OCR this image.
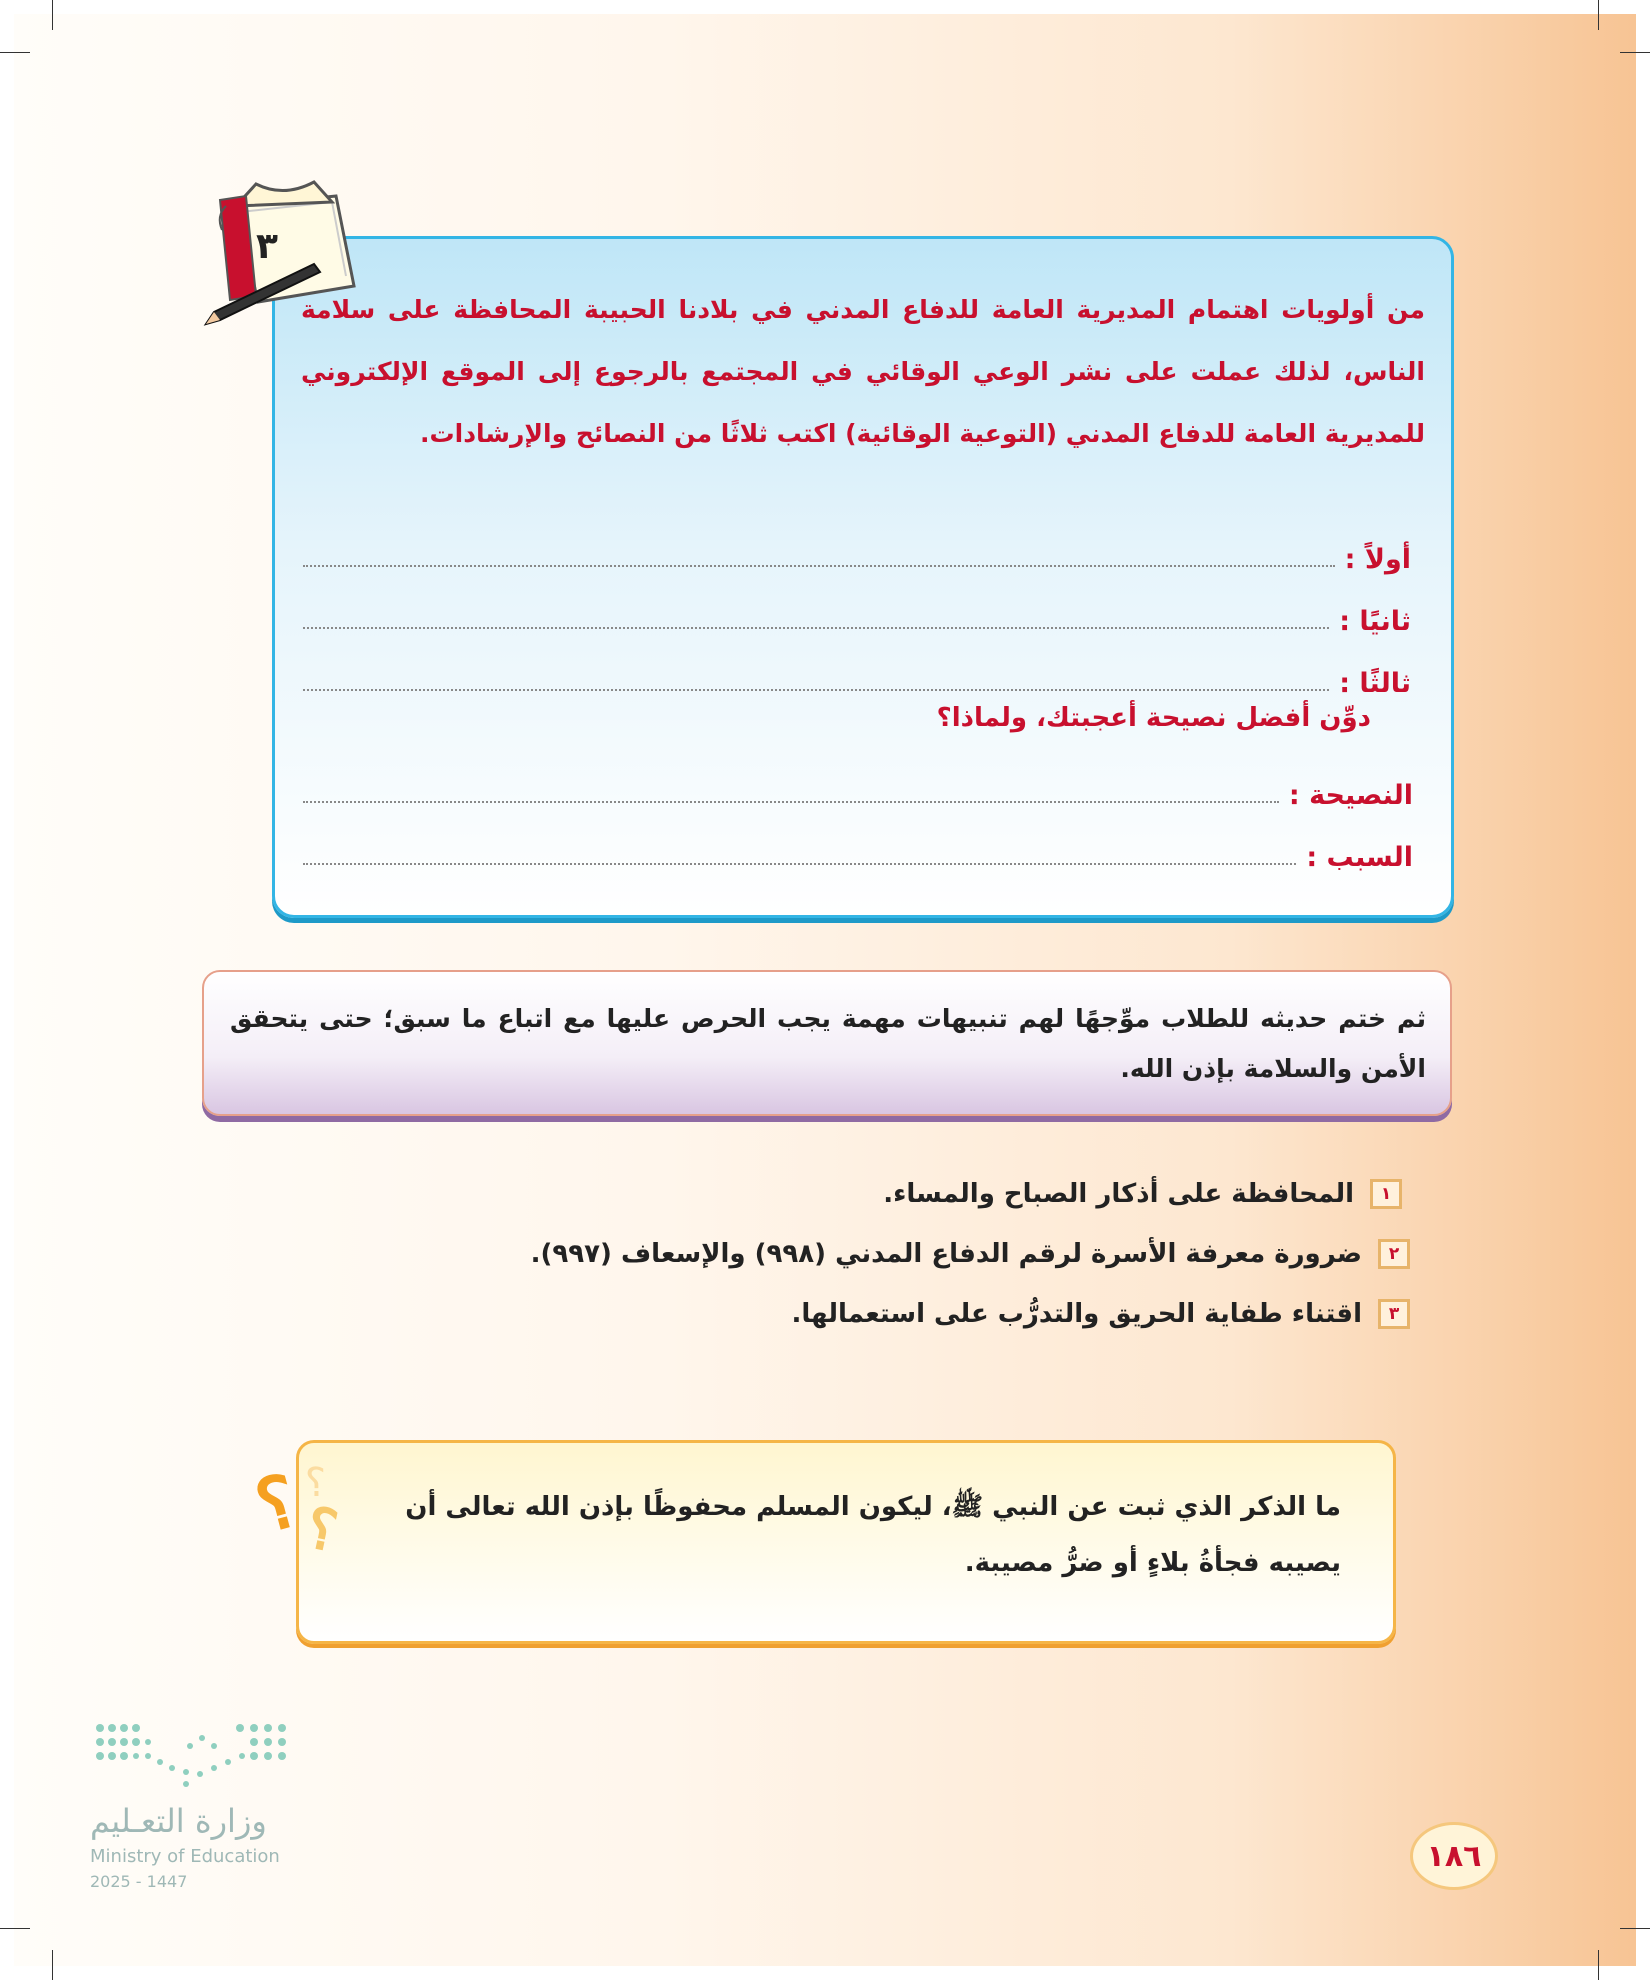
من أولويات اهتمام المديرية العامة للدفاع المدني في بلادنا الحبيبة المحافظة على سلامة الناس، لذلك عملت على نشر الوعي الوقائي في المجتمع بالرجوع إلى الموقع الإلكتروني للمديرية العامة للدفاع المدني (التوعية الوقائية) اكتب ثلاثًا من النصائح والإرشادات.

أولاً :
ثانيًا :
ثالثًا :

دوِّن أفضل نصيحة أعجبتك، ولماذا؟

النصيحة :
السبب :
٣

ثم ختم حديثه للطلاب موِّجهًا لهم تنبيهات مهمة يجب الحرص عليها مع اتباع ما سبق؛ حتى يتحقق الأمن والسلامة بإذن الله.

١
المحافظة على أذكار الصباح والمساء.
٢
ضرورة معرفة الأسرة لرقم الدفاع المدني (٩٩٨) والإسعاف (٩٩٧).
٣
اقتناء طفاية الحريق والتدرُّب على استعمالها.

ما الذكر الذي ثبت عن النبي ﷺ، ليكون المسلم محفوظًا بإذن الله تعالى أن يصيبه فجأةُ بلاءٍ أو ضرُّ مصيبة.

؟
؟
؟
وزارة التعـليم
Ministry of Education
2025 - 1447
١٨٦
